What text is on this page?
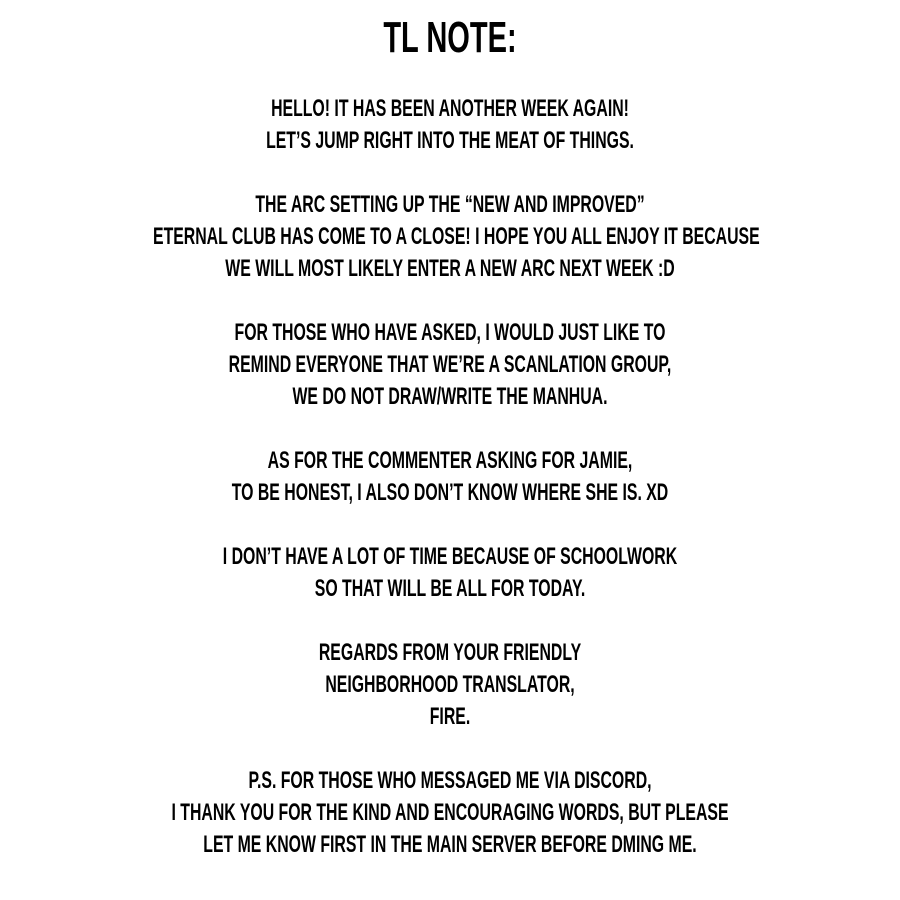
TL NOTE:
HELLO! IT HAS BEEN ANOTHER WEEK AGAIN!
LET’S JUMP RIGHT INTO THE MEAT OF THINGS.
THE ARC SETTING UP THE “NEW AND IMPROVED”
ETERNAL CLUB HAS COME TO A CLOSE! I HOPE YOU ALL ENJOY IT BECAUSE
WE WILL MOST LIKELY ENTER A NEW ARC NEXT WEEK :D
FOR THOSE WHO HAVE ASKED, I WOULD JUST LIKE TO
REMIND EVERYONE THAT WE’RE A SCANLATION GROUP,
WE DO NOT DRAW/WRITE THE MANHUA.
AS FOR THE COMMENTER ASKING FOR JAMIE,
TO BE HONEST, I ALSO DON’T KNOW WHERE SHE IS. XD
I DON’T HAVE A LOT OF TIME BECAUSE OF SCHOOLWORK
SO THAT WILL BE ALL FOR TODAY.
REGARDS FROM YOUR FRIENDLY
NEIGHBORHOOD TRANSLATOR,
FIRE.
P.S. FOR THOSE WHO MESSAGED ME VIA DISCORD,
I THANK YOU FOR THE KIND AND ENCOURAGING WORDS, BUT PLEASE
LET ME KNOW FIRST IN THE MAIN SERVER BEFORE DMING ME.
